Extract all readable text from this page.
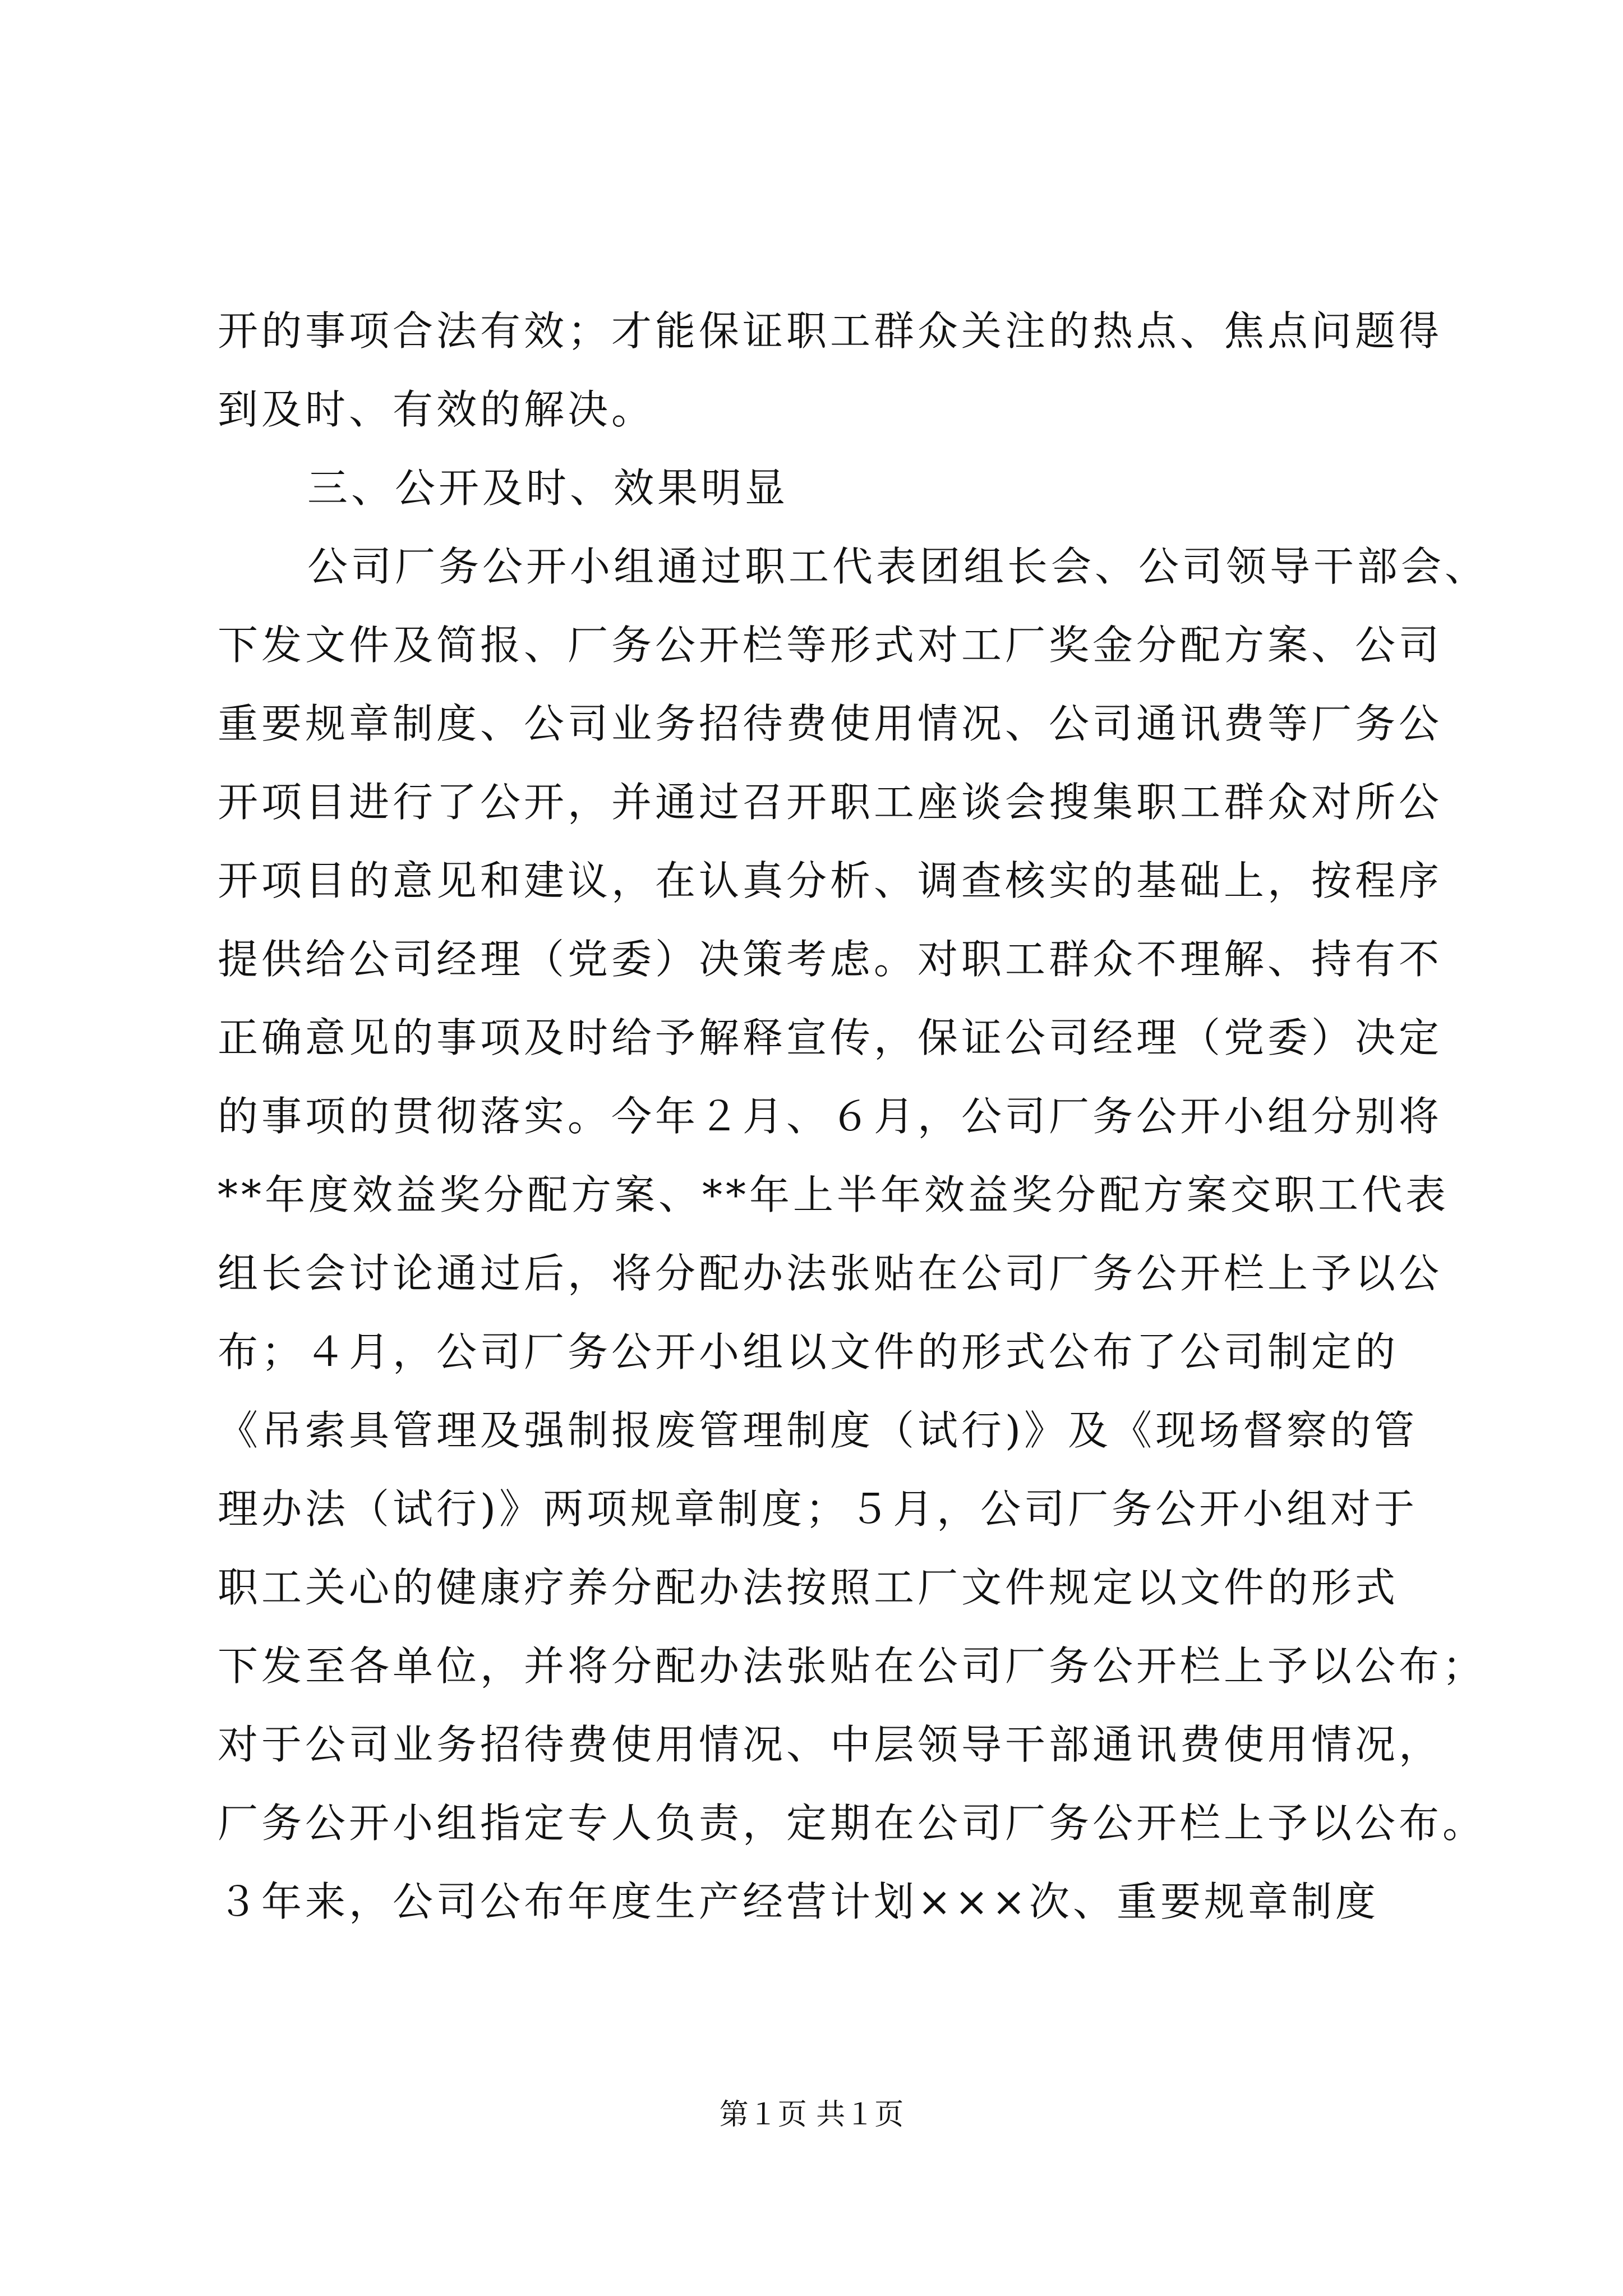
开的事项合法有效；才能保证职工群众关注的热点、焦点问题得
到及时、有效的解决。
三、公开及时、效果明显
公司厂务公开小组通过职工代表团组长会、公司领导干部会、
下发文件及简报、厂务公开栏等形式对工厂奖金分配方案、公司
重要规章制度、公司业务招待费使用情况、公司通讯费等厂务公
开项目进行了公开，并通过召开职工座谈会搜集职工群众对所公
开项目的意见和建议，在认真分析、调查核实的基础上，按程序
提供给公司经理（党委）决策考虑。对职工群众不理解、持有不
正确意见的事项及时给予解释宣传，保证公司经理（党委）决定
的事项的贯彻落实。今年２月、６月，公司厂务公开小组分别将
**年度效益奖分配方案、**年上半年效益奖分配方案交职工代表
组长会讨论通过后，将分配办法张贴在公司厂务公开栏上予以公
布；４月，公司厂务公开小组以文件的形式公布了公司制定的
《吊索具管理及强制报废管理制度（试行)》及《现场督察的管
理办法（试行)》两项规章制度；５月，公司厂务公开小组对于
职工关心的健康疗养分配办法按照工厂文件规定以文件的形式
下发至各单位，并将分配办法张贴在公司厂务公开栏上予以公布；
对于公司业务招待费使用情况、中层领导干部通讯费使用情况，
厂务公开小组指定专人负责，定期在公司厂务公开栏上予以公布。
３年来，公司公布年度生产经营计划×××次、重要规章制度
第１页 共１页
